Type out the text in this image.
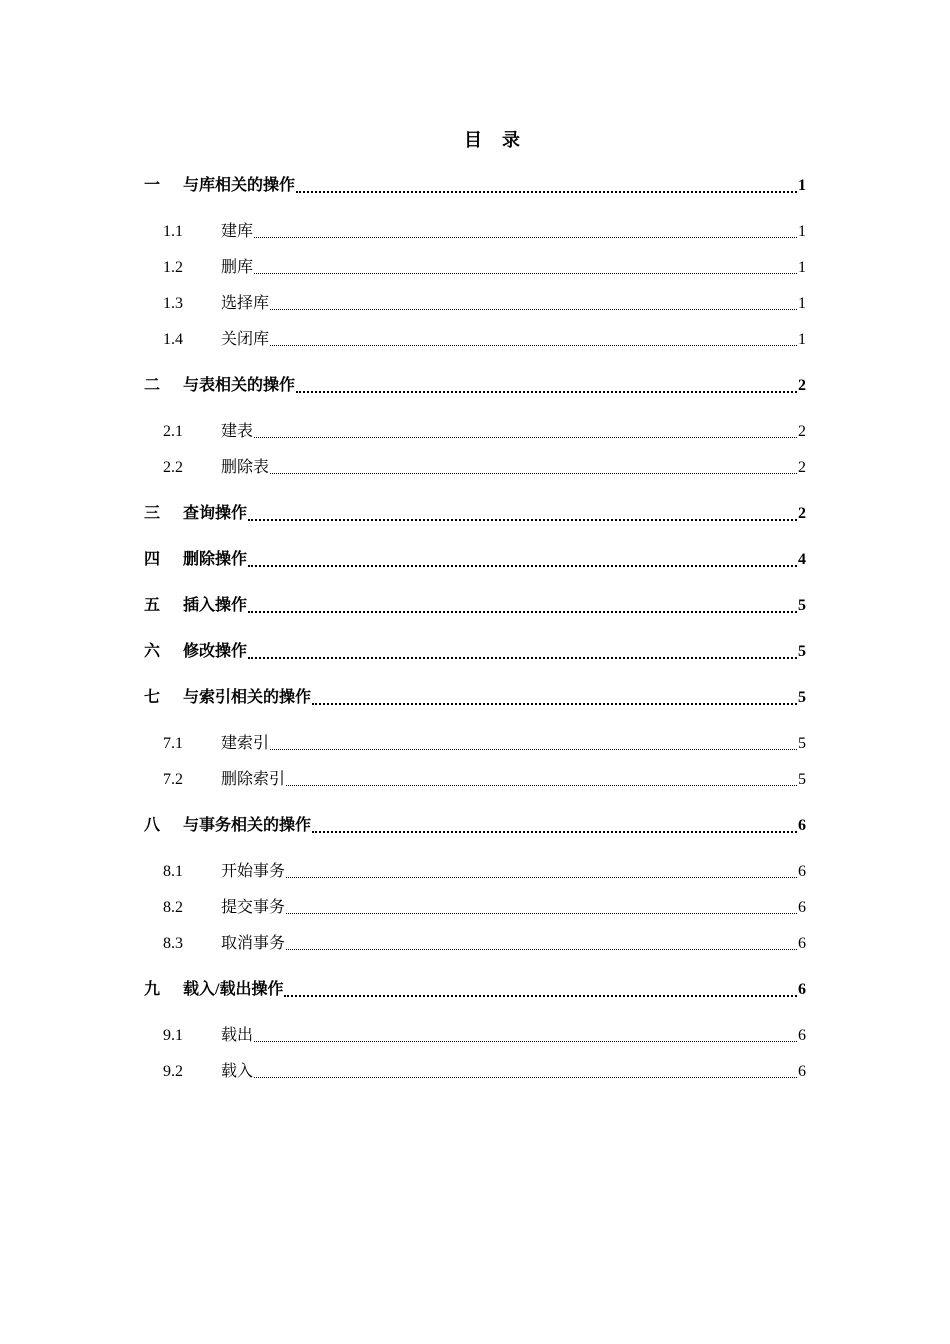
目 录
一	与库相关的操作	1
1.1	建库	1
1.2	删库	1
1.3	选择库	1
1.4	关闭库	1
二	与表相关的操作	2
2.1	建表	2
2.2	删除表	2
三	查询操作	2
四	删除操作	4
五	插入操作	5
六	修改操作	5
七	与索引相关的操作	5
7.1	建索引	5
7.2	删除索引	5
八	与事务相关的操作	6
8.1	开始事务	6
8.2	提交事务	6
8.3	取消事务	6
九	载入/载出操作	6
9.1	载出	6
9.2	载入	6
